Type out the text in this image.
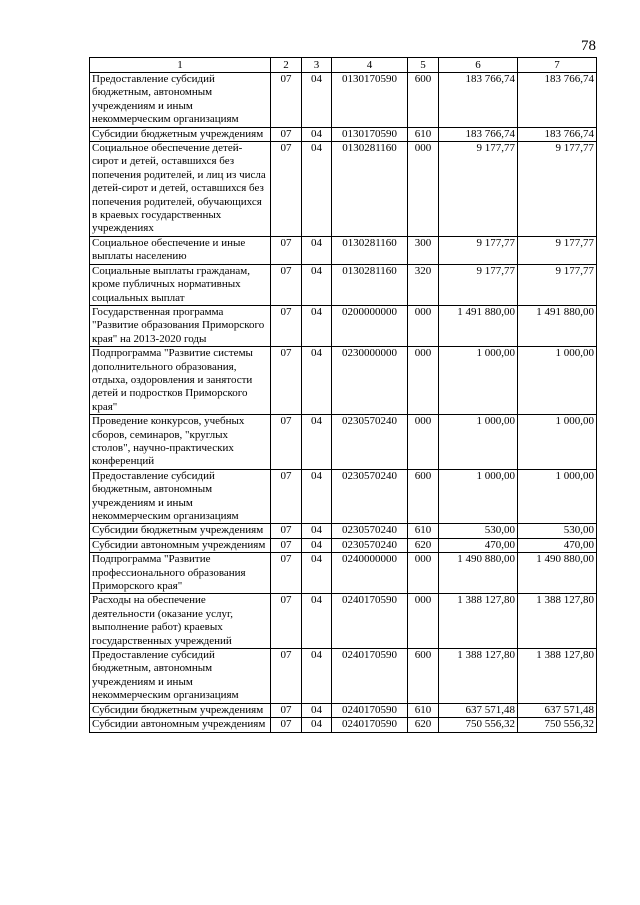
78
1	2	3	4	5	6	7
Предоставление субсидий бюджетным, автономным учреждениям и иным некоммерческим организациям	07	04	0130170590	600	183 766,74	183 766,74
Субсидии бюджетным учреждениям	07	04	0130170590	610	183 766,74	183 766,74
Социальное обеспечение детей-сирот и детей, оставшихся без попечения родителей, и лиц из числа детей-сирот и детей, оставшихся без попечения родителей, обучающихся в краевых государственных учреждениях	07	04	0130281160	000	9 177,77	9 177,77
Социальное обеспечение и иные выплаты населению	07	04	0130281160	300	9 177,77	9 177,77
Социальные выплаты гражданам, кроме публичных нормативных социальных выплат	07	04	0130281160	320	9 177,77	9 177,77
Государственная программа "Развитие образования Приморского края" на 2013-2020 годы	07	04	0200000000	000	1 491 880,00	1 491 880,00
Подпрограмма "Развитие системы дополнительного образования, отдыха, оздоровления и занятости детей и подростков Приморского края"	07	04	0230000000	000	1 000,00	1 000,00
Проведение конкурсов, учебных сборов, семинаров, "круглых столов", научно-практических конференций	07	04	0230570240	000	1 000,00	1 000,00
Предоставление субсидий бюджетным, автономным учреждениям и иным некоммерческим организациям	07	04	0230570240	600	1 000,00	1 000,00
Субсидии бюджетным учреждениям	07	04	0230570240	610	530,00	530,00
Субсидии автономным учреждениям	07	04	0230570240	620	470,00	470,00
Подпрограмма "Развитие профессионального образования Приморского края"	07	04	0240000000	000	1 490 880,00	1 490 880,00
Расходы на обеспечение деятельности (оказание услуг, выполнение работ) краевых государственных учреждений	07	04	0240170590	000	1 388 127,80	1 388 127,80
Предоставление субсидий бюджетным, автономным учреждениям и иным некоммерческим организациям	07	04	0240170590	600	1 388 127,80	1 388 127,80
Субсидии бюджетным учреждениям	07	04	0240170590	610	637 571,48	637 571,48
Субсидии автономным учреждениям	07	04	0240170590	620	750 556,32	750 556,32
